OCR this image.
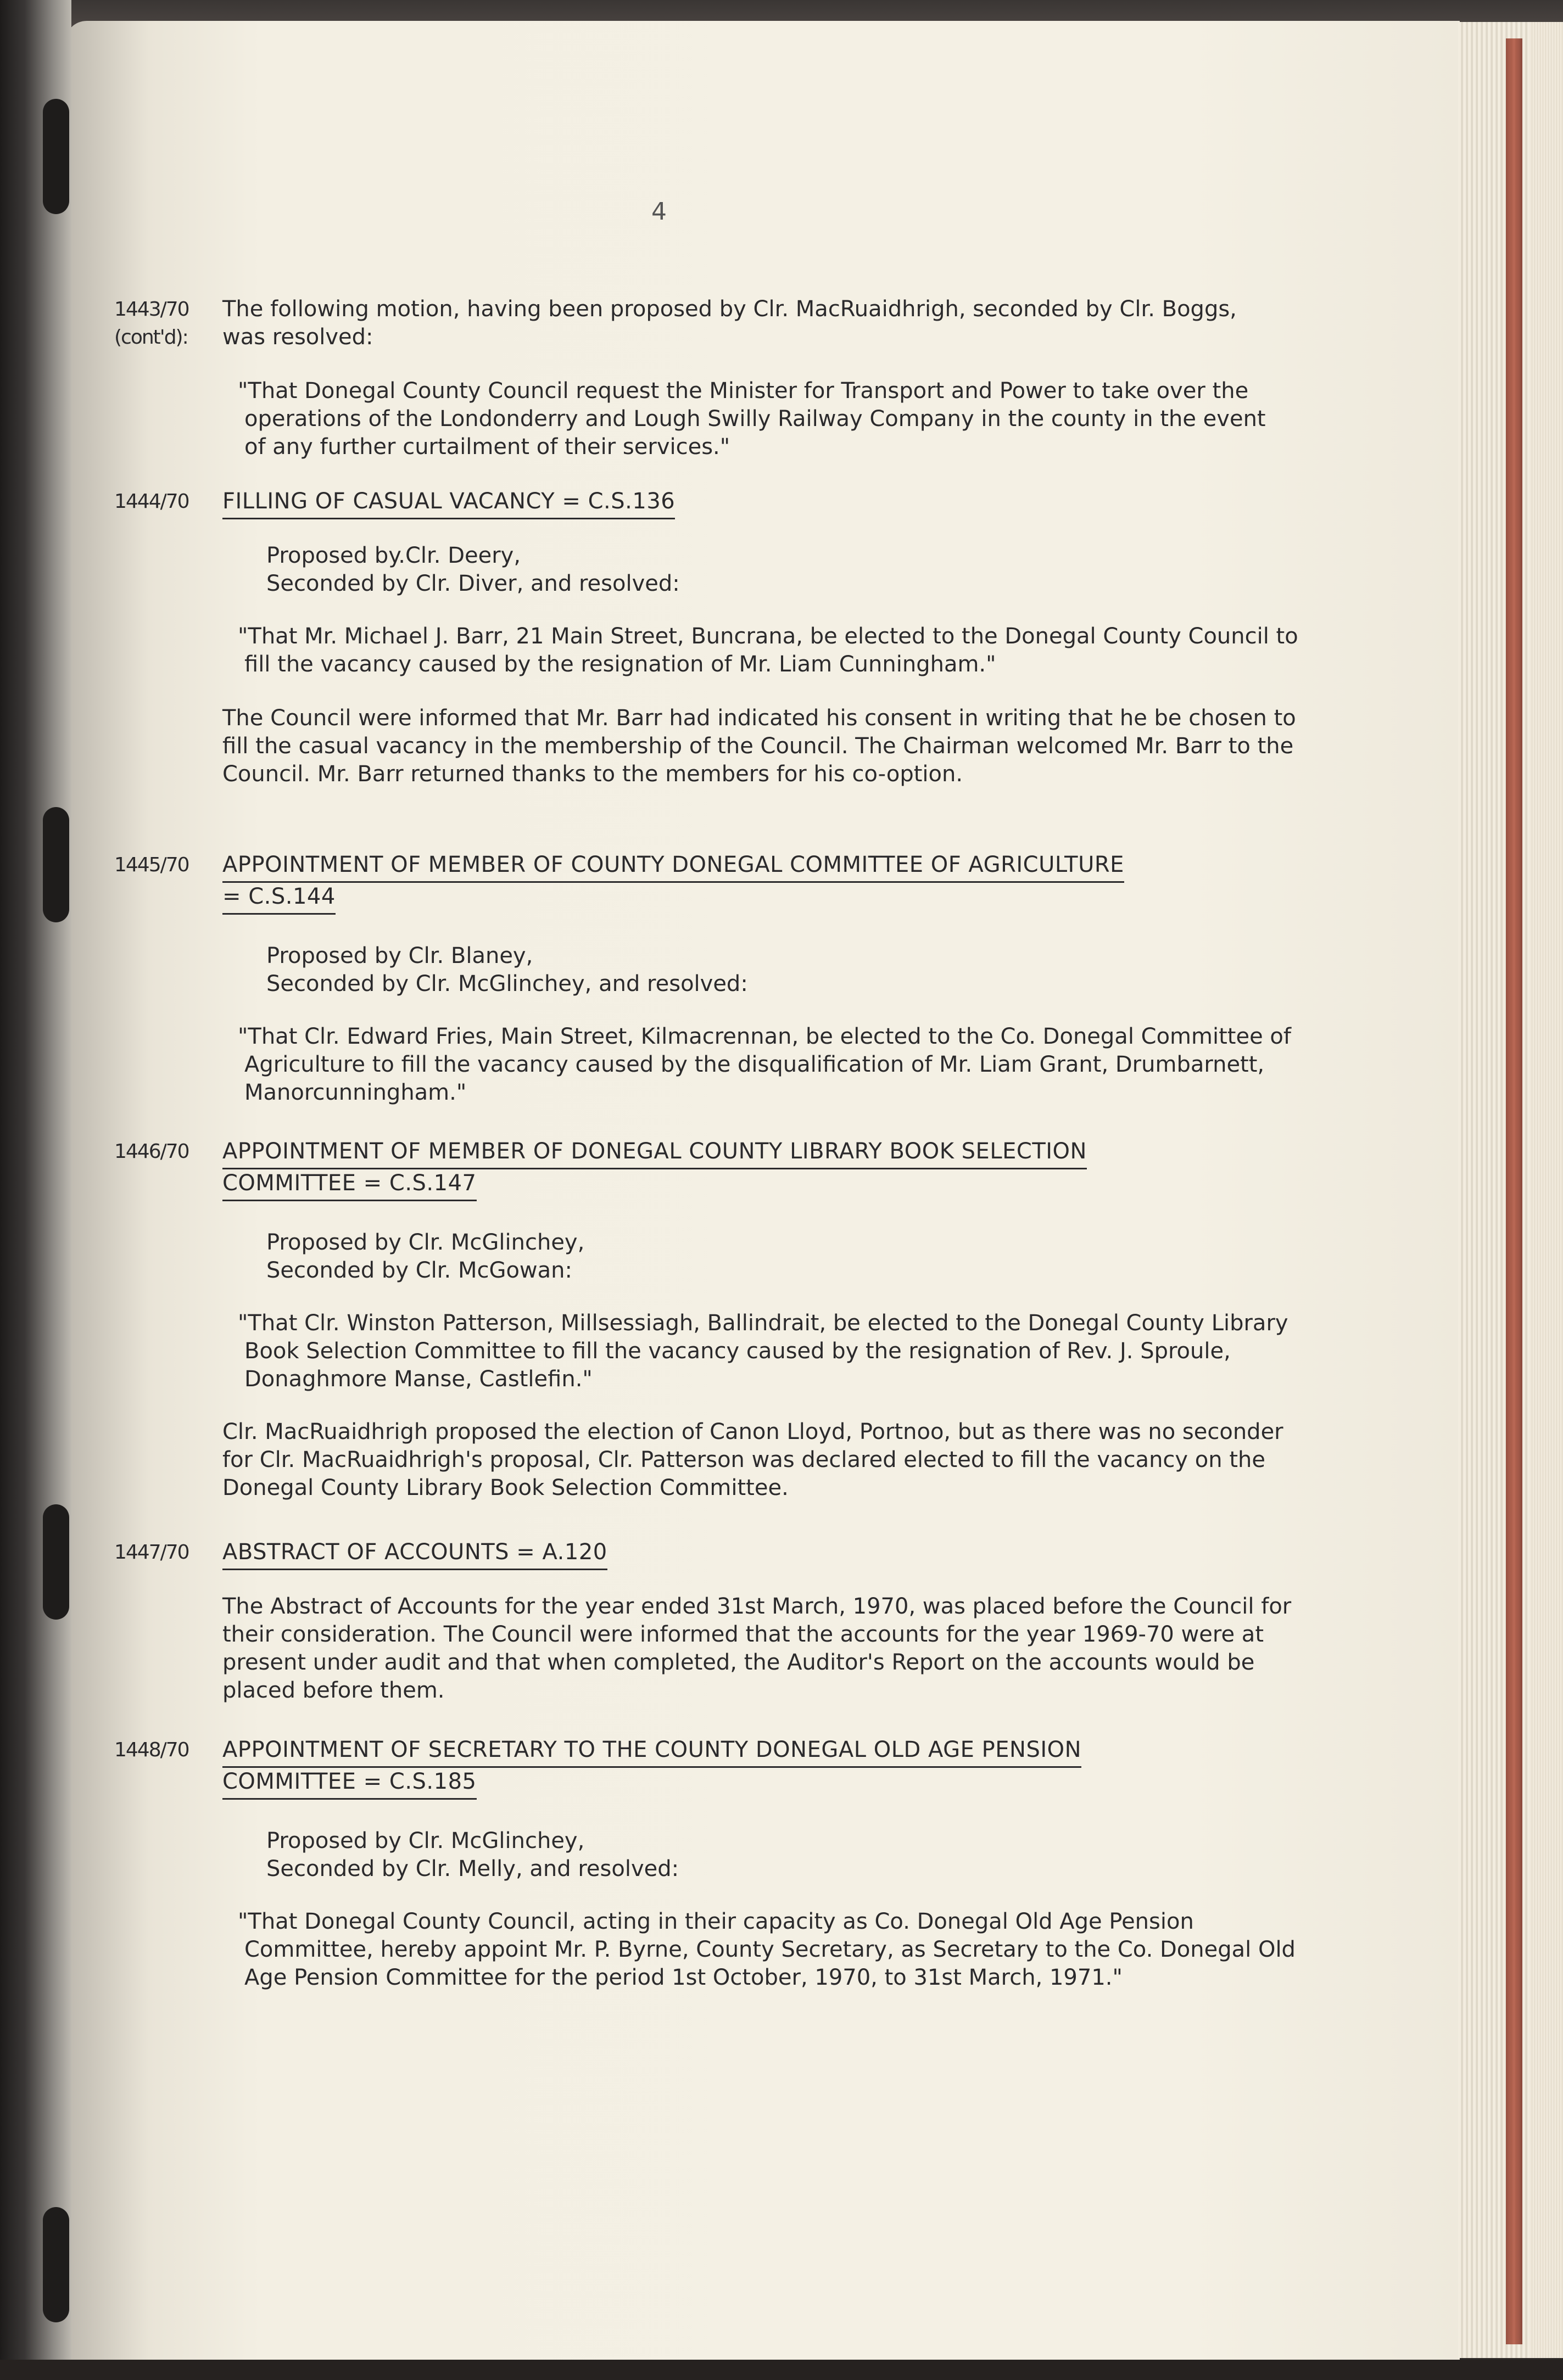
4
1443/70
(cont'd):

The following motion, having been proposed by Clr. MacRuaidhrigh, seconded by Clr. Boggs, was resolved:

"That Donegal County Council request the Minister for Transport and Power to take over the operations of the Londonderry and Lough Swilly Railway Company in the county in the event of any further curtailment of their services."

1444/70	FILLING OF CASUAL VACANCY = C.S.136

Proposed by.Clr. Deery,

Seconded by Clr. Diver, and resolved:

"That Mr. Michael J. Barr, 21 Main Street, Buncrana, be elected to the Donegal County Council to fill the vacancy caused by the resignation of Mr. Liam Cunningham."

The Council were informed that Mr. Barr had indicated his consent in writing that he be chosen to fill the casual vacancy in the membership of the Council. The Chairman welcomed Mr. Barr to the Council. Mr. Barr returned thanks to the members for his co-option.

1445/70	APPOINTMENT OF MEMBER OF COUNTY DONEGAL COMMITTEE OF AGRICULTURE
= C.S.144

Proposed by Clr. Blaney,

Seconded by Clr. McGlinchey, and resolved:

"That Clr. Edward Fries, Main Street, Kilmacrennan, be elected to the Co. Donegal Committee of Agriculture to fill the vacancy caused by the disqualification of Mr. Liam Grant, Drumbarnett, Manorcunningham."

1446/70	APPOINTMENT OF MEMBER OF DONEGAL COUNTY LIBRARY BOOK SELECTION
COMMITTEE = C.S.147

Proposed by Clr. McGlinchey,

Seconded by Clr. McGowan:

"That Clr. Winston Patterson, Millsessiagh, Ballindrait, be elected to the Donegal County Library Book Selection Committee to fill the vacancy caused by the resignation of Rev. J. Sproule, Donaghmore Manse, Castlefin."

Clr. MacRuaidhrigh proposed the election of Canon Lloyd, Portnoo, but as there was no seconder for Clr. MacRuaidhrigh's proposal, Clr. Patterson was declared elected to fill the vacancy on the Donegal County Library Book Selection Committee.

1447/70	ABSTRACT OF ACCOUNTS = A.120

The Abstract of Accounts for the year ended 31st March, 1970, was placed before the Council for their consideration. The Council were informed that the accounts for the year 1969-70 were at present under audit and that when completed, the Auditor's Report on the accounts would be placed before them.

1448/70	APPOINTMENT OF SECRETARY TO THE COUNTY DONEGAL OLD AGE PENSION
COMMITTEE = C.S.185

Proposed by Clr. McGlinchey,

Seconded by Clr. Melly, and resolved:

"That Donegal County Council, acting in their capacity as Co. Donegal Old Age Pension Committee, hereby appoint Mr. P. Byrne, County Secretary, as Secretary to the Co. Donegal Old Age Pension Committee for the period 1st October, 1970, to 31st March, 1971."
